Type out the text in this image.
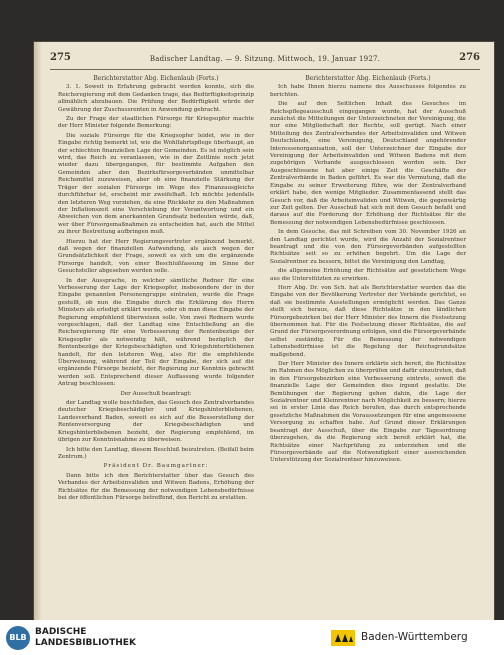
275	Badischer Landtag. — 9. Sitzung. Mittwoch, 19. Januar 1927.	276
Berichterstatter Abg. Eichenlaub (Forts.)

3. 1. Soweit in Erfahrung gebracht werden konnte, sich die Reichsregierung mit dem Gedanken trage, das Bedürftigkeitsprinzip allmählich abzubauen. Die Prüfung der Bedürftigkeit würde der Gewährung der Zuschussrenten in Anwendung gebracht.

Zu der Frage der staatlichen Fürsorge für Kriegsopfer machte der Herr Minister folgende Bemerkung:

Die soziale Fürsorge für die Kriegsopfer leidet, wie in der Eingabe richtig bemerkt ist, wie die Wohlfahrtspflege überhaupt, an der schlechten finanziellen Lage der Gemeinden. Es ist möglich sein wird, das Reich zu veranlassen, wie in der Zeitlinie noch jetzt wieder dazu übergegangen, für bestimmte Aufgaben den Gemeinden aber den Bezirksfürsorgeverbänden unmittelbar Reichsmittel zuzuweisen, aber ob eine finanzielle Stärkung der Träger der sozialen Fürsorge im Wege des Finanzausgleichs durchführbar ist, erscheint mir zweifelhaft. Ich möchte jedenfalls den letzteren Weg vorziehen, da eine Rückkehr zu den Maßnahmen der Inflationszeit eine Verschiebung der Verantwortung und ein Abweichen von dem anerkannten Grundsatz bedeuten würde, daß, wer über Fürsorgemaßnahmen zu entscheiden hat, auch die Mittel zu ihrer Bestreitung aufbringen muß.

Hierzu hat der Herr Regierungsvertreter ergänzend bemerkt, daß wegen der finanziellen Aufwendung, als auch wegen der Grundsätzlichkeit der Frage, soweit es sich um die ergänzende Fürsorge handelt, von einer Beschlußfassung im Sinne der Gesuchsteller abgesehen werden solle.

In der Aussprache, in welcher sämtliche Redner für eine Verbesserung der Lage der Kriegsopfer, insbesondere der in der Eingabe genannten Personengruppe eintraten, wurde die Frage gestellt, ob nun die Eingabe durch die Erklärung des Herrn Ministers als erledigt erklärt werde, oder ob man diese Eingabe der Regierung empfehlend überweisen solle. Von zwei Rednern wurde vorgeschlagen, daß der Landtag eine Entschließung an die Reichsregierung für eine Verbesserung der Rentenbezüge der Kriegsopfer als notwendig hält, während bezüglich der Rentenbezüge der Kriegsbeschädigten und Kriegshinterbliebenen handelt, für den letzteren Weg, also für die empfehlende Überweisung, während der Teil der Eingabe, der sich auf die ergänzende Fürsorge bezieht, der Regierung zur Kenntnis gebracht werden soll. Entsprechend dieser Auffassung wurde folgender Antrag beschlossen:

Der Ausschuß beantragt:

der Landtag wolle beschließen, das Gesuch des Zentralverbandes deutscher Kriegsbeschädigter und Kriegshinterbliebenen, Landesverband Baden, soweit es sich auf die Besserstellung der Rentenversorgung der Kriegsbeschädigten und Kriegshinterbliebenen bezieht, der Regierung empfehlend, im übrigen zur Kenntnisnahme zu überweisen.

Ich bitte den Landtag, diesem Beschluß beizutreten. (Beifall beim Zentrum.)

Präsident Dr. Baumgartner:

Dann bitte ich den Berichterstatter über das Gesuch des Verbandes der Arbeitsinvaliden und Witwen Badens, Erhöhung der Richtsätze für die Bemessung der notwendigen Lebensbedürfnisse bei der öffentlichen Fürsorge betreffend, den Bericht zu erstatten.

Berichterstatter Abg. Eichenlaub (Forts.)

Ich habe Ihnen hierzu namens des Ausschusses folgendes zu berichten.

Die auf den Seitlichen Inhalt des Gesuches im Reichspflegeausschuß eingegangen wurde, hat der Ausschuß zunächst die Mitteilungen der Unterzeichneten der Vereinigung, die nur eine Mitgliedschaft der Rechte, soll gerügt. Nach einer Mitteilung des Zentralverbandes der Arbeitsinvaliden und Witwen Deutschlands, eine Vereinigung, Deutschland angehörender Interessenorganisation, soll der Unterzeichner der Eingabe der Vereinigung der Arbeitsinvaliden und Witwen Badens mit dem zugehörigen Verbande ausgeschlossen worden sein. Der Ausgeschlossene hat aber einige Zeit die Geschäfte der Zentralverbände in Baden geführt. Es war die Vermutung, daß die Eingabe zu seiner Erweiterung führe, wie der Zentralverband erklärt habe, den wenige Mitglieder. Zusammenfassend stellt das Gesuch vor, daß die Arbeitsinvaliden und Witwen, die gegenwärtig zur Zeit gelten. Der Ausschuß hat sich mit dem Gesuch befaßt und daraus auf die Forderung der Erhöhung der Richtsätze für die Bemessung der notwendigen Lebensbedürfnisse geschlossen.

In dem Gesuche, das mit Schreiben vom 30. November 1926 an den Landtag gerichtet wurde, wird die Anzahl der Sozialrentner beantragt und die von den Fürsorgeverbänden aufgestellten Richtsätze seit so zu erhöhen begehrt. Um die Lage der Sozialrentner zu bessern, bittet die Vereinigung den Landtag,

die allgemeine Erhöhung der Richtsätze auf gesetzlichem Wege aus die Unterstützten zu erwirken.

Herr Abg. Dr. von Sch. hat als Berichterstatter wurden das die Eingabe von der Bevölkerung Vertreter der Verbände gerichtet, so daß sie bestimmte Ausstellungen ermöglicht werden. Das Ganze stellt sich heraus, daß diese Richtsätze in den ländlichen Fürsorgebezirken bei der Herr Minister des Innern die Festsetzung übernommen hat. Für die Festsetzung dieser Richtsätze, die auf Grund der Fürsorgeverordnung erfolgen, sind die Fürsorgeverbände selbst zuständig. Für die Bemessung der notwendigen Lebensbedürfnisse ist die Regelung der Reichsgrundsätze maßgebend.

Der Herr Minister des Innern erklärte sich bereit, die Richtsätze im Rahmen des Möglichen zu überprüfen und dafür einzutreten, daß in den Fürsorgebezirken eine Verbesserung eintrete, soweit die finanzielle Lage der Gemeinden dies irgend gestatte. Die Bemühungen der Regierung gehen dahin, die Lage der Sozialrentner und Kleinrentner nach Möglichkeit zu bessern; hierzu sei in erster Linie das Reich berufen, das durch entsprechende gesetzliche Maßnahmen die Voraussetzungen für eine angemessene Versorgung zu schaffen habe. Auf Grund dieser Erklärungen beantragt der Ausschuß, über die Eingabe zur Tagesordnung überzugehen, da die Regierung sich bereit erklärt hat, die Richtsätze einer Nachprüfung zu unterziehen und die Fürsorgeverbände auf die Notwendigkeit einer ausreichenden Unterstützung der Sozialrentner hinzuweisen.

BLB
BADISCHE
LANDESBIBLIOTHEK	Baden-Württemberg
